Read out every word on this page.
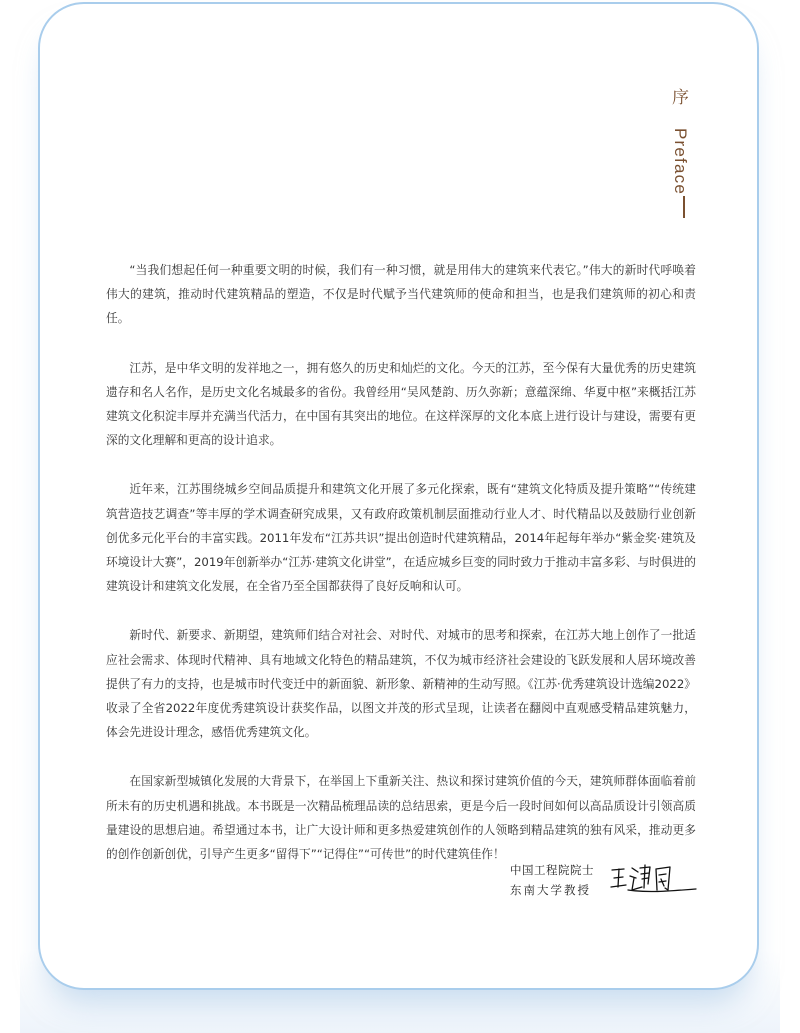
序
Preface

“当我们想起任何一种重要文明的时候，我们有一种习惯，就是用伟大的建筑来代表它。”伟大的新时代呼唤着伟大的建筑，推动时代建筑精品的塑造，不仅是时代赋予当代建筑师的使命和担当，也是我们建筑师的初心和责任。

江苏，是中华文明的发祥地之一，拥有悠久的历史和灿烂的文化。今天的江苏，至今保有大量优秀的历史建筑遗存和名人名作，是历史文化名城最多的省份。我曾经用“吴风楚韵、历久弥新；意蕴深绵、华夏中枢”来概括江苏建筑文化积淀丰厚并充满当代活力，在中国有其突出的地位。在这样深厚的文化本底上进行设计与建设，需要有更深的文化理解和更高的设计追求。

近年来，江苏围绕城乡空间品质提升和建筑文化开展了多元化探索，既有“建筑文化特质及提升策略”“传统建筑营造技艺调查”等丰厚的学术调查研究成果，又有政府政策机制层面推动行业人才、时代精品以及鼓励行业创新创优多元化平台的丰富实践。2011年发布“江苏共识”提出创造时代建筑精品，2014年起每年举办“紫金奖·建筑及环境设计大赛”，2019年创新举办“江苏·建筑文化讲堂”，在适应城乡巨变的同时致力于推动丰富多彩、与时俱进的建筑设计和建筑文化发展，在全省乃至全国都获得了良好反响和认可。

新时代、新要求、新期望，建筑师们结合对社会、对时代、对城市的思考和探索，在江苏大地上创作了一批适应社会需求、体现时代精神、具有地域文化特色的精品建筑，不仅为城市经济社会建设的飞跃发展和人居环境改善提供了有力的支持，也是城市时代变迁中的新面貌、新形象、新精神的生动写照。《江苏·优秀建筑设计选编2022》收录了全省2022年度优秀建筑设计获奖作品，以图文并茂的形式呈现，让读者在翻阅中直观感受精品建筑魅力，体会先进设计理念，感悟优秀建筑文化。

在国家新型城镇化发展的大背景下，在举国上下重新关注、热议和探讨建筑价值的今天，建筑师群体面临着前所未有的历史机遇和挑战。本书既是一次精品梳理品读的总结思索，更是今后一段时间如何以高品质设计引领高质量建设的思想启迪。希望通过本书，让广大设计师和更多热爱建筑创作的人领略到精品建筑的独有风采，推动更多的创作创新创优，引导产生更多“留得下”“记得住”“可传世”的时代建筑佳作！

中国工程院院士
东南大学教授
